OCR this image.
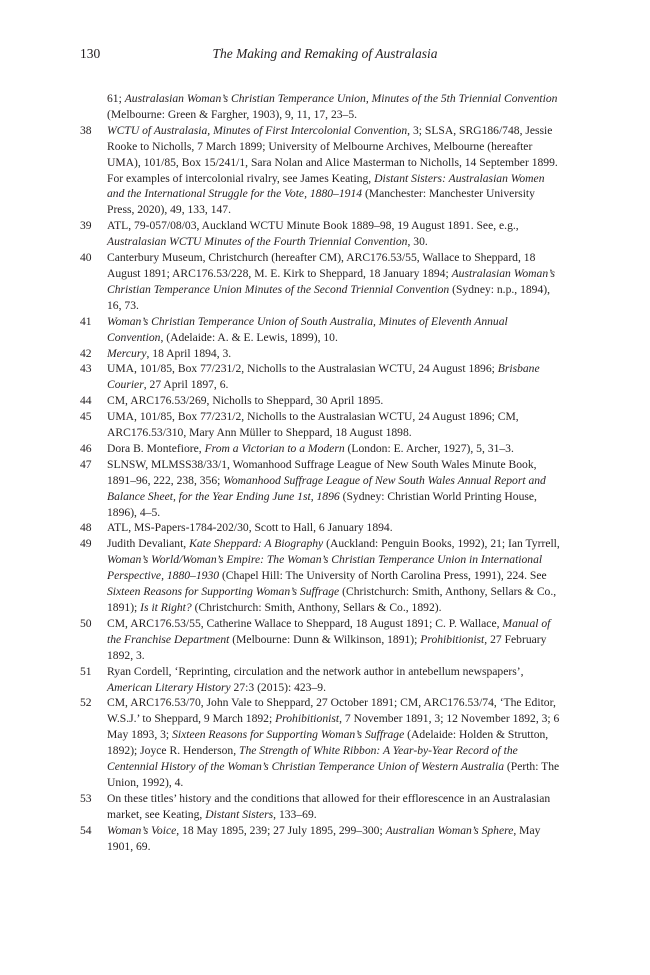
130	The Making and Remaking of Australasia

61; Australasian Woman’s Christian Temperance Union, Minutes of the 5th Triennial Convention (Melbourne: Green & Fargher, 1903), 9, 11, 17, 23–5.

38	WCTU of Australasia, Minutes of First Intercolonial Convention, 3; SLSA, SRG186/748, Jessie Rooke to Nicholls, 7 March 1899; University of Melbourne Archives, Melbourne (hereafter UMA), 101/85, Box 15/241/1, Sara Nolan and Alice Masterman to Nicholls, 14 September 1899. For examples of intercolonial rivalry, see James Keating, Distant Sisters: Australasian Women and the International Struggle for the Vote, 1880–1914 (Manchester: Manchester University Press, 2020), 49, 133, 147.

39	ATL, 79-057/08/03, Auckland WCTU Minute Book 1889–98, 19 August 1891. See, e.g., Australasian WCTU Minutes of the Fourth Triennial Convention, 30.

40	Canterbury Museum, Christchurch (hereafter CM), ARC176.53/55, Wallace to Sheppard, 18 August 1891; ARC176.53/228, M. E. Kirk to Sheppard, 18 January 1894; Australasian Woman’s Christian Temperance Union Minutes of the Second Triennial Convention (Sydney: n.p., 1894), 16, 73.

41	Woman’s Christian Temperance Union of South Australia, Minutes of Eleventh Annual Convention, (Adelaide: A. & E. Lewis, 1899), 10.

42	Mercury, 18 April 1894, 3.

43	UMA, 101/85, Box 77/231/2, Nicholls to the Australasian WCTU, 24 August 1896; Brisbane Courier, 27 April 1897, 6.

44	CM, ARC176.53/269, Nicholls to Sheppard, 30 April 1895.

45	UMA, 101/85, Box 77/231/2, Nicholls to the Australasian WCTU, 24 August 1896; CM, ARC176.53/310, Mary Ann Müller to Sheppard, 18 August 1898.

46	Dora B. Montefiore, From a Victorian to a Modern (London: E. Archer, 1927), 5, 31–3.

47	SLNSW, MLMSS38/33/1, Womanhood Suffrage League of New South Wales Minute Book, 1891–96, 222, 238, 356; Womanhood Suffrage League of New South Wales Annual Report and Balance Sheet, for the Year Ending June 1st, 1896 (Sydney: Christian World Printing House, 1896), 4–5.

48	ATL, MS-Papers-1784-202/30, Scott to Hall, 6 January 1894.

49	Judith Devaliant, Kate Sheppard: A Biography (Auckland: Penguin Books, 1992), 21; Ian Tyrrell, Woman’s World/Woman’s Empire: The Woman’s Christian Temperance Union in International Perspective, 1880–1930 (Chapel Hill: The University of North Carolina Press, 1991), 224. See Sixteen Reasons for Supporting Woman’s Suffrage (Christchurch: Smith, Anthony, Sellars & Co., 1891); Is it Right? (Christchurch: Smith, Anthony, Sellars & Co., 1892).

50	CM, ARC176.53/55, Catherine Wallace to Sheppard, 18 August 1891; C. P. Wallace, Manual of the Franchise Department (Melbourne: Dunn & Wilkinson, 1891); Prohibitionist, 27 February 1892, 3.

51	Ryan Cordell, ‘Reprinting, circulation and the network author in antebellum newspapers’, American Literary History 27:3 (2015): 423–9.

52	CM, ARC176.53/70, John Vale to Sheppard, 27 October 1891; CM, ARC176.53/74, ‘The Editor, W.S.J.’ to Sheppard, 9 March 1892; Prohibitionist, 7 November 1891, 3; 12 November 1892, 3; 6 May 1893, 3; Sixteen Reasons for Supporting Woman’s Suffrage (Adelaide: Holden & Strutton, 1892); Joyce R. Henderson, The Strength of White Ribbon: A Year-by-Year Record of the Centennial History of the Woman’s Christian Temperance Union of Western Australia (Perth: The Union, 1992), 4.

53	On these titles’ history and the conditions that allowed for their efflorescence in an Australasian market, see Keating, Distant Sisters, 133–69.

54	Woman’s Voice, 18 May 1895, 239; 27 July 1895, 299–300; Australian Woman’s Sphere, May 1901, 69.
